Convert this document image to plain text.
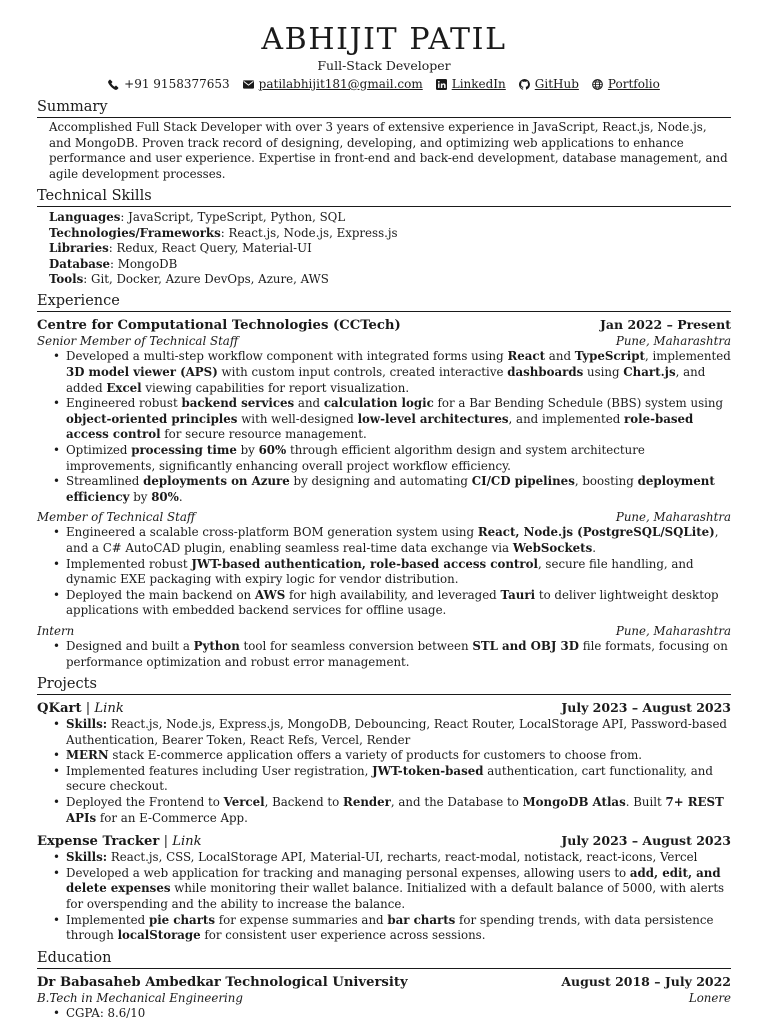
ABHIJIT PATIL
Full-Stack Developer
+91 9158377653 patilabhijit181@gmail.com LinkedIn GitHub Portfolio
Summary
Accomplished Full Stack Developer with over 3 years of extensive experience in JavaScript, React.js, Node.js, and MongoDB. Proven track record of designing, developing, and optimizing web applications to enhance performance and user experience. Expertise in front-end and back-end development, database management, and agile development processes.
Technical Skills
Languages: JavaScript, TypeScript, Python, SQL
Technologies/Frameworks: React.js, Node.js, Express.js
Libraries: Redux, React Query, Material-UI
Database: MongoDB
Tools: Git, Docker, Azure DevOps, Azure, AWS
Experience
Centre for Computational Technologies (CCTech)	Jan 2022 – Present
Senior Member of Technical Staff	Pune, Maharashtra
• Developed a multi-step workflow component with integrated forms using React and TypeScript, implemented 3D model viewer (APS) with custom input controls, created interactive dashboards using Chart.js, and added Excel viewing capabilities for report visualization.
• Engineered robust backend services and calculation logic for a Bar Bending Schedule (BBS) system using object-oriented principles with well-designed low-level architectures, and implemented role-based access control for secure resource management.
• Optimized processing time by 60% through efficient algorithm design and system architecture improvements, significantly enhancing overall project workflow efficiency.
• Streamlined deployments on Azure by designing and automating CI/CD pipelines, boosting deployment efficiency by 80%.
Member of Technical Staff	Pune, Maharashtra
• Engineered a scalable cross-platform BOM generation system using React, Node.js (PostgreSQL/SQLite), and a C# AutoCAD plugin, enabling seamless real-time data exchange via WebSockets.
• Implemented robust JWT-based authentication, role-based access control, secure file handling, and dynamic EXE packaging with expiry logic for vendor distribution.
• Deployed the main backend on AWS for high availability, and leveraged Tauri to deliver lightweight desktop applications with embedded backend services for offline usage.
Intern	Pune, Maharashtra
• Designed and built a Python tool for seamless conversion between STL and OBJ 3D file formats, focusing on performance optimization and robust error management.
Projects
QKart | Link	July 2023 – August 2023
• Skills: React.js, Node.js, Express.js, MongoDB, Debouncing, React Router, LocalStorage API, Password-based Authentication, Bearer Token, React Refs, Vercel, Render
• MERN stack E-commerce application offers a variety of products for customers to choose from.
• Implemented features including User registration, JWT-token-based authentication, cart functionality, and secure checkout.
• Deployed the Frontend to Vercel, Backend to Render, and the Database to MongoDB Atlas. Built 7+ REST APIs for an E-Commerce App.
Expense Tracker | Link	July 2023 – August 2023
• Skills: React.js, CSS, LocalStorage API, Material-UI, recharts, react-modal, notistack, react-icons, Vercel
• Developed a web application for tracking and managing personal expenses, allowing users to add, edit, and delete expenses while monitoring their wallet balance. Initialized with a default balance of 5000, with alerts for overspending and the ability to increase the balance.
• Implemented pie charts for expense summaries and bar charts for spending trends, with data persistence through localStorage for consistent user experience across sessions.
Education
Dr Babasaheb Ambedkar Technological University	August 2018 – July 2022
B.Tech in Mechanical Engineering	Lonere
• CGPA: 8.6/10
